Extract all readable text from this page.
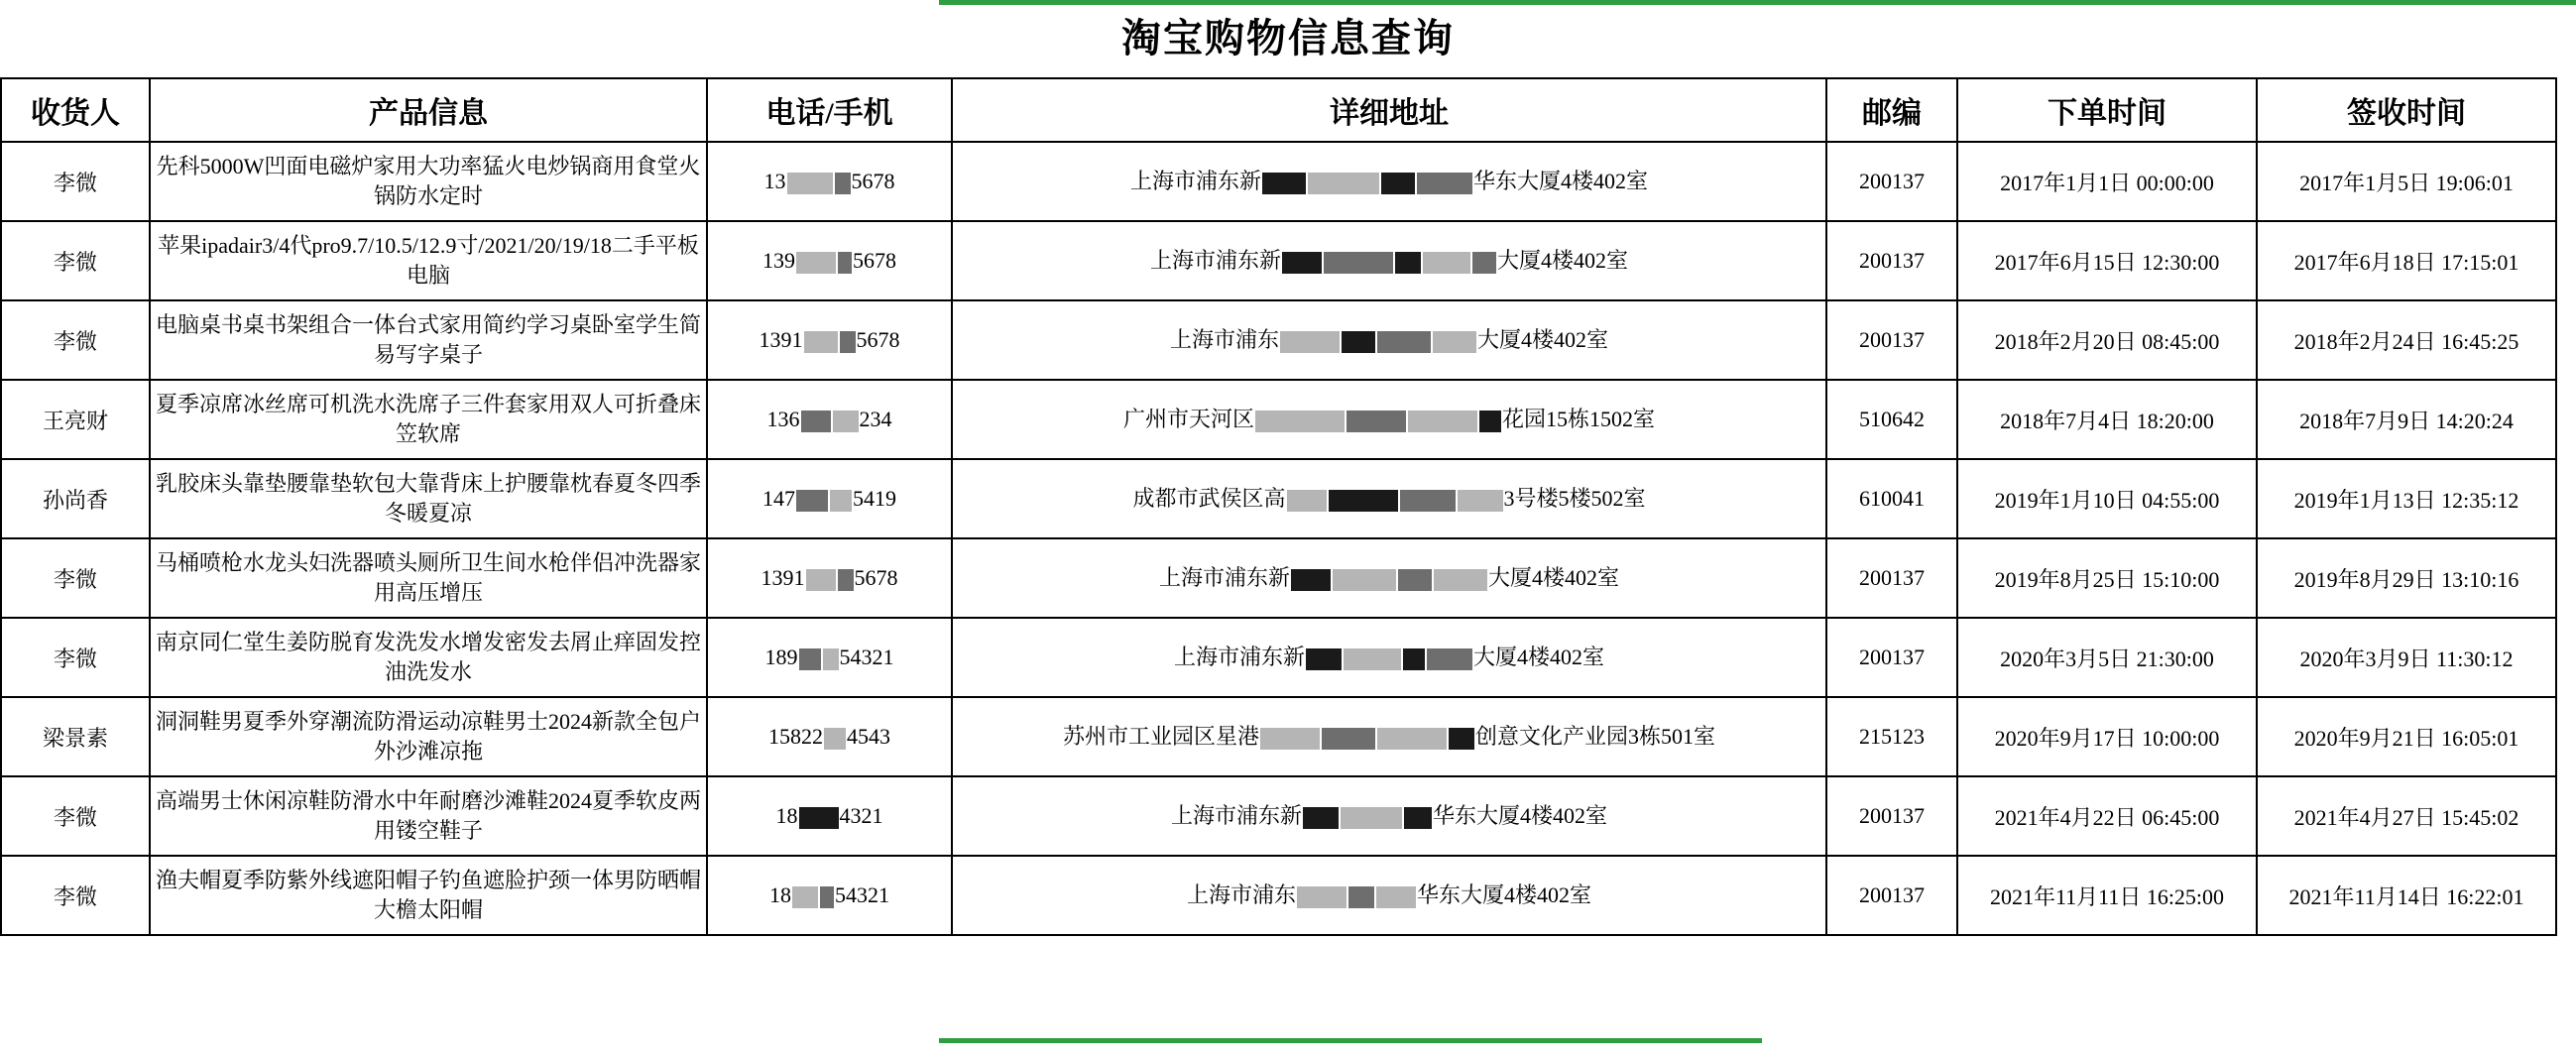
淘宝购物信息查询
收货人	产品信息	电话/手机	详细地址	邮编	下单时间	签收时间
李微	先科5000W凹面电磁炉家用大功率猛火电炒锅商用食堂火锅防水定时	13 5678	上海市浦东新 华东大厦4楼402室	200137	2017年1月1日 00:00:00	2017年1月5日 19:06:01
李微	苹果ipadair3/4代pro9.7/10.5/12.9寸/2021/20/19/18二手平板电脑	139 5678	上海市浦东新 大厦4楼402室	200137	2017年6月15日 12:30:00	2017年6月18日 17:15:01
李微	电脑桌书桌书架组合一体台式家用简约学习桌卧室学生简易写字桌子	1391 5678	上海市浦东 大厦4楼402室	200137	2018年2月20日 08:45:00	2018年2月24日 16:45:25
王亮财	夏季凉席冰丝席可机洗水洗席子三件套家用双人可折叠床笠软席	136 234	广州市天河区 花园15栋1502室	510642	2018年7月4日 18:20:00	2018年7月9日 14:20:24
孙尚香	乳胶床头靠垫腰靠垫软包大靠背床上护腰靠枕春夏冬四季冬暖夏凉	147 5419	成都市武侯区高 3号楼5楼502室	610041	2019年1月10日 04:55:00	2019年1月13日 12:35:12
李微	马桶喷枪水龙头妇洗器喷头厕所卫生间水枪伴侣冲洗器家用高压增压	1391 5678	上海市浦东新 大厦4楼402室	200137	2019年8月25日 15:10:00	2019年8月29日 13:10:16
李微	南京同仁堂生姜防脱育发洗发水增发密发去屑止痒固发控油洗发水	189 54321	上海市浦东新 大厦4楼402室	200137	2020年3月5日 21:30:00	2020年3月9日 11:30:12
梁景素	洞洞鞋男夏季外穿潮流防滑运动凉鞋男士2024新款全包户外沙滩凉拖	15822 4543	苏州市工业园区星港 创意文化产业园3栋501室	215123	2020年9月17日 10:00:00	2020年9月21日 16:05:01
李微	高端男士休闲凉鞋防滑水中年耐磨沙滩鞋2024夏季软皮两用镂空鞋子	18 4321	上海市浦东新 华东大厦4楼402室	200137	2021年4月22日 06:45:00	2021年4月27日 15:45:02
李微	渔夫帽夏季防紫外线遮阳帽子钓鱼遮脸护颈一体男防晒帽大檐太阳帽	18 54321	上海市浦东 华东大厦4楼402室	200137	2021年11月11日 16:25:00	2021年11月14日 16:22:01
